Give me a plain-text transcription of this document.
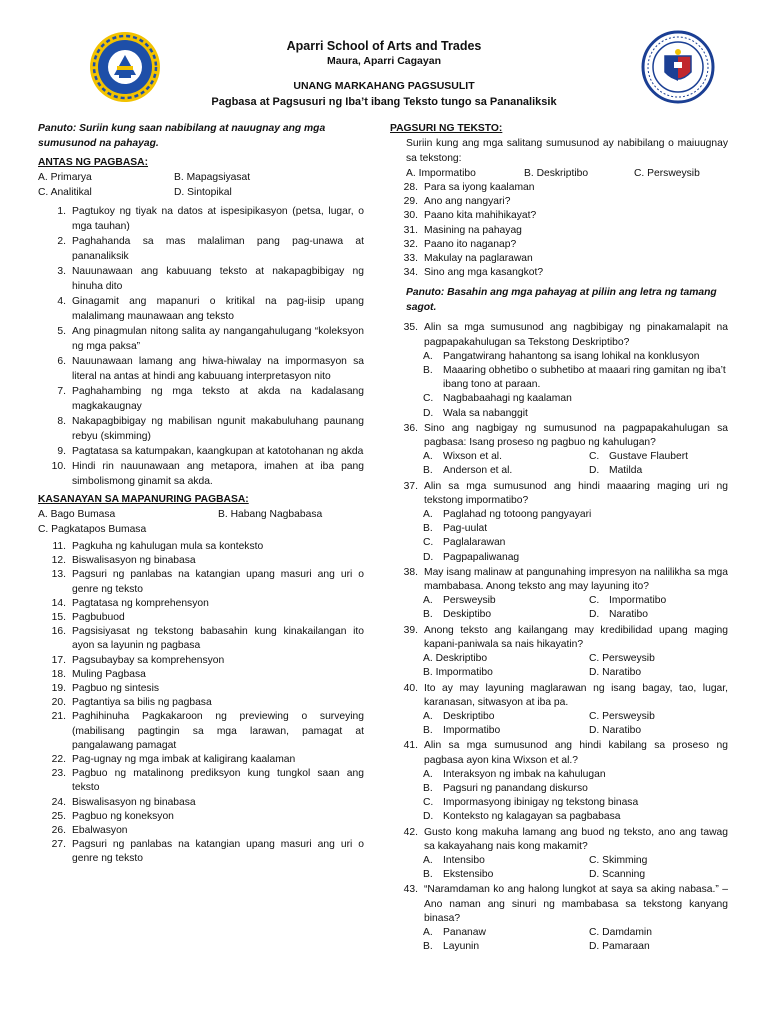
Aparri School of Arts and Trades
Maura, Aparri Cagayan
UNANG MARKAHANG PAGSUSULIT
Pagbasa at Pagsusuri ng Iba’t ibang Teksto tungo sa Pananaliksik
Panuto: Suriin kung saan nabibilang at nauugnay ang mga sumusunod na pahayag.
ANTAS NG PAGBASA:
A. Primarya	B. Mapagsiyasat
C. Analitikal	D. Sintopikal
1. Pagtukoy ng tiyak na datos at ispesipikasyon (petsa, lugar, o mga tauhan)
2. Paghahanda sa mas malaliman pang pag-unawa at pananaliksik
3. Nauunawaan ang kabuuang teksto at nakapagbibigay ng hinuha dito
4. Ginagamit ang mapanuri o kritikal na pag-iisip upang malalimang maunawaan ang teksto
5. Ang pinagmulan nitong salita ay nangangahulugang “koleksyon ng mga paksa”
6. Nauunawaan lamang ang hiwa-hiwalay na impormasyon sa literal na antas at hindi ang kabuuang interpretasyon nito
7. Paghahambing ng mga teksto at akda na kadalasang magkakaugnay
8. Nakapagbibigay ng mabilisan ngunit makabuluhang paunang rebyu (skimming)
9. Pagtatasa sa katumpakan, kaangkupan at katotohanan ng akda
10. Hindi rin nauunawaan ang metapora, imahen at iba pang simbolismong ginamit sa akda.
KASANAYAN SA MAPANURING PAGBASA:
A. Bago Bumasa	B. Habang Nagbabasa
C. Pagkatapos Bumasa
11. Pagkuha ng kahulugan mula sa konteksto
12. Biswalisasyon ng binabasa
13. Pagsuri ng panlabas na katangian upang masuri ang uri o genre ng teksto
14. Pagtatasa ng komprehensyon
15. Pagbubuod
16. Pagsisiyasat ng tekstong babasahin kung kinakailangan ito ayon sa layunin ng pagbasa
17. Pagsubaybay sa komprehensyon
18. Muling Pagbasa
19. Pagbuo ng sintesis
20. Pagtantiya sa bilis ng pagbasa
21. Paghihinuha Pagkakaroon ng previewing o surveying (mabilisang pagtingin sa mga larawan, pamagat at pangalawang pamagat
22. Pag-ugnay ng mga imbak at kaligirang kaalaman
23. Pagbuo ng matalinong prediksyon kung tungkol saan ang teksto
24. Biswalisasyon ng binabasa
25. Pagbuo ng koneksyon
26. Ebalwasyon
27. Pagsuri ng panlabas na katangian upang masuri ang uri o genre ng teksto
PAGSURI NG TEKSTO:
Suriin kung ang mga salitang sumusunod ay nabibilang o maiuugnay sa tekstong:
A. Impormatibo	B. Deskriptibo	C. Persweysib
28. Para sa iyong kaalaman
29. Ano ang nangyari?
30. Paano kita mahihikayat?
31. Masining na pahayag
32. Paano ito naganap?
33. Makulay na paglarawan
34. Sino ang mga kasangkot?
Panuto: Basahin ang mga pahayag at piliin ang letra ng tamang sagot.
35. Alin sa mga sumusunod ang nagbibigay ng pinakamalapit na pagpapakahulugan sa Tekstong Deskriptibo?
A. Pangatwirang hahantong sa isang lohikal na konklusyon
B. Maaaring obhetibo o subhetibo at maaari ring gamitan ng iba’t ibang tono at paraan.
C. Nagbabaahagi ng kaalaman
D. Wala sa nabanggit
36. Sino ang nagbigay ng sumusunod na pagpapakahulugan sa pagbasa: Isang proseso ng pagbuo ng kahulugan?
A. Wixson et al.	C. Gustave Flaubert
B. Anderson et al.	D. Matilda
37. Alin sa mga sumusunod ang hindi maaaring maging uri ng tekstong impormatibo?
A. Paglahad ng totoong pangyayari
B. Pag-uulat
C. Paglalarawan
D. Pagpapaliwanag
38. May isang malinaw at pangunahing impresyon na nalilikha sa mga mambabasa. Anong teksto ang may layuning ito?
A. Persweysib	C. Impormatibo
B. Deskiptibo	D. Naratibo
39. Anong teksto ang kailangang may kredibilidad upang maging kapani-paniwala sa nais hikayatin?
A. Deskriptibo	C. Persweysib
B. Impormatibo	D. Naratibo
40. Ito ay may layuning maglarawan ng isang bagay, tao, lugar, karanasan, sitwasyon at iba pa.
A. Deskriptibo	C. Persweysib
B. Impormatibo	D. Naratibo
41. Alin sa mga sumusunod ang hindi kabilang sa proseso ng pagbasa ayon kina Wixson et al.?
A. Interaksyon ng imbak na kahulugan
B. Pagsuri ng panandang diskurso
C. Impormasyong ibinigay ng tekstong binasa
D. Konteksto ng kalagayan sa pagbabasa
42. Gusto kong makuha lamang ang buod ng teksto, ano ang tawag sa kakayahang nais kong makamit?
A. Intensibo	C. Skimming
B. Ekstensibo	D. Scanning
43. “Naramdaman ko ang halong lungkot at saya sa aking nabasa.” – Ano naman ang sinuri ng mambabasa sa tekstong kanyang binasa?
A. Pananaw	C. Damdamin
B. Layunin	D. Pamaraan
